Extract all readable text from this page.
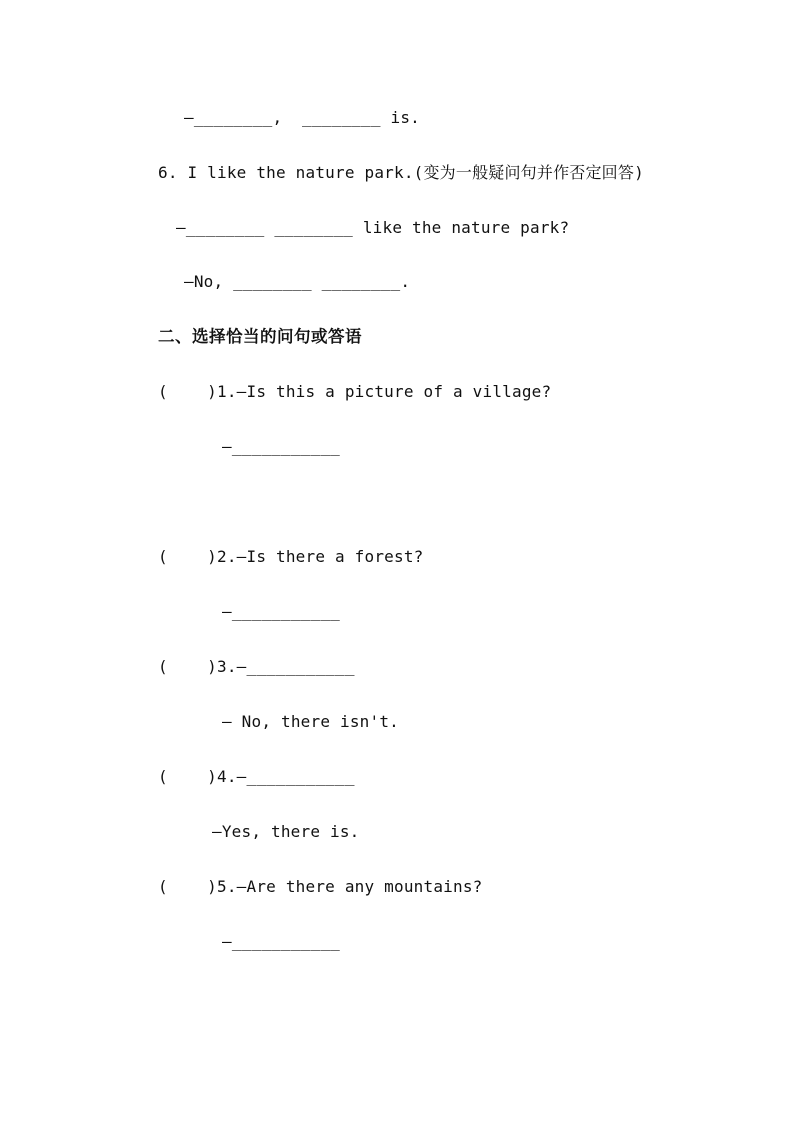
—________,  ________ is.
6. I like the nature park.(变为一般疑问句并作否定回答)
—________ ________ like the nature park?
—No, ________ ________.
二、选择恰当的问句或答语
(    )1.—Is this a picture of a village?
—___________
(    )2.—Is there a forest?
—___________
(    )3.—___________
— No, there isn't.
(    )4.—___________
—Yes, there is.
(    )5.—Are there any mountains?
—___________
